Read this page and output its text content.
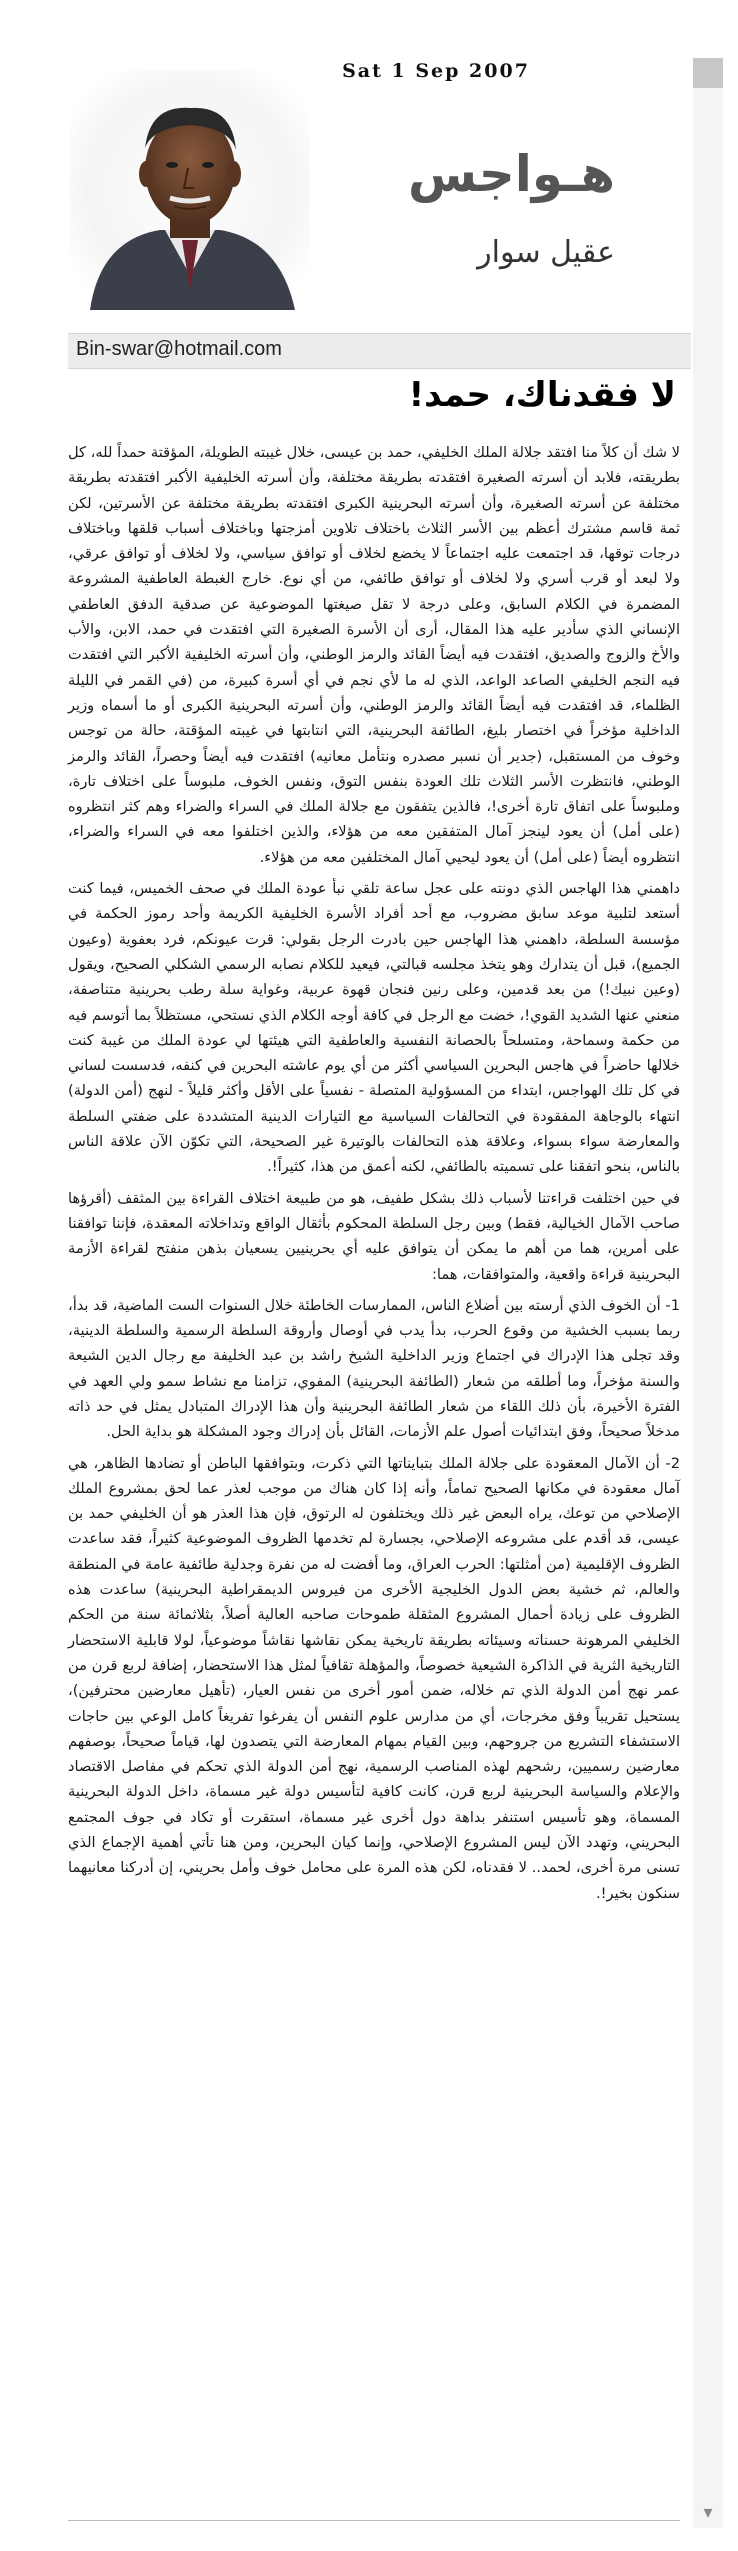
Sat 1 Sep 2007
هـواجس
عقيل سوار
Bin-swar@hotmail.com
▾
لا فقدناك، حمد!

لا شك أن كلاً منا افتقد جلالة الملك الخليفي، حمد بن عيسى، خلال غيبته الطويلة، المؤقتة حمداً لله، كل بطريقته، فلابد أن أسرته الصغيرة افتقدته بطريقة مختلفة، وأن أسرته الخليفية الأكبر افتقدته بطريقة مختلفة عن أسرته الصغيرة، وأن أسرته البحرينية الكبرى افتقدته بطريقة مختلفة عن الأسرتين، لكن ثمة قاسم مشترك أعظم بين الأسر الثلاث باختلاف تلاوين أمزجتها وباختلاف أسباب قلقها وباختلاف درجات توقها، قد اجتمعت عليه اجتماعاً لا يخضع لخلاف أو توافق سياسي، ولا لخلاف أو توافق عرقي، ولا لبعد أو قرب أسري ولا لخلاف أو توافق طائفي، من أي نوع. خارج الغبطة العاطفية المشروعة المضمرة في الكلام السابق، وعلى درجة لا تقل صيغتها الموضوعية عن صدقية الدفق العاطفي الإنساني الذي سأدير عليه هذا المقال، أرى أن الأسرة الصغيرة التي افتقدت في حمد، الابن، والأب والأخ والزوج والصديق، افتقدت فيه أيضاً القائد والرمز الوطني، وأن أسرته الخليفية الأكبر التي افتقدت فيه النجم الخليفي الصاعد الواعد، الذي له ما لأي نجم في أي أسرة كبيرة، من (في القمر في الليلة الظلماء، قد افتقدت فيه أيضاً القائد والرمز الوطني، وأن أسرته البحرينية الكبرى أو ما أسماه وزير الداخلية مؤخراً في اختصار بليغ، الطائفة البحرينية، التي انتابتها في غيبته المؤقتة، حالة من توجس وخوف من المستقبل، (جدير أن نسبر مصدره ونتأمل معانيه) افتقدت فيه أيضاً وحصراً، القائد والرمز الوطني، فانتظرت الأسر الثلاث تلك العودة بنفس التوق، ونفس الخوف، ملبوساً على اختلاف تارة، وملبوساً على اتفاق تارة أخرى!، فالذين يتفقون مع جلالة الملك في السراء والضراء وهم كثر انتظروه (على أمل) أن يعود لينجز آمال المتفقين معه من هؤلاء، والذين اختلفوا معه في السراء والضراء، انتظروه أيضاً (على أمل) أن يعود ليحيي آمال المختلفين معه من هؤلاء.

داهمني هذا الهاجس الذي دونته على عجل ساعة تلقي نبأ عودة الملك في صحف الخميس، فيما كنت أستعد لتلبية موعد سابق مضروب، مع أحد أفراد الأسرة الخليفية الكريمة وأحد رموز الحكمة في مؤسسة السلطة، داهمني هذا الهاجس حين بادرت الرجل بقولي: قرت عيونكم، فرد بعفوية (وعيون الجميع)، قبل أن يتدارك وهو يتخذ مجلسه قبالتي، فيعيد للكلام نصابه الرسمي الشكلي الصحيح، ويقول (وعين نبيك!) من بعد قدمين، وعلى رنين فنجان قهوة عربية، وغواية سلة رطب بحرينية متناصفة، منعني عنها الشديد القوي!، خضت مع الرجل في كافة أوجه الكلام الذي نستحي، مستظلاً بما أتوسم فيه من حكمة وسماحة، ومتسلحاً بالحصانة النفسية والعاطفية التي هيئتها لي عودة الملك من غيبة كنت خلالها حاضراً في هاجس البحرين السياسي أكثر من أي يوم عاشته البحرين في كنفه، فدسست لساني في كل تلك الهواجس، ابتداء من المسؤولية المتصلة - نفسياً على الأقل وأكثر قليلاً - لنهج (أمن الدولة) انتهاء بالوجاهة المفقودة في التحالفات السياسية مع التيارات الدينية المتشددة على ضفتي السلطة والمعارضة سواء بسواء، وعلاقة هذه التحالفات بالوتيرة غير الصحيحة، التي تكوّن الآن علاقة الناس بالناس، بنحو اتفقنا على تسميته بالطائفي، لكنه أعمق من هذا، كثيراً!.

في حين اختلفت قراءتنا لأسباب ذلك بشكل طفيف، هو من طبيعة اختلاف القراءة بين المثقف (أقرؤها صاحب الآمال الخيالية، فقط) وبين رجل السلطة المحكوم بأثقال الواقع وتداخلاته المعقدة، فإننا توافقنا على أمرين، هما من أهم ما يمكن أن يتوافق عليه أي بحرينيين يسعيان بذهن منفتح لقراءة الأزمة البحرينية قراءة واقعية، والمتوافقات، هما:

1- أن الخوف الذي أرسته بين أضلاع الناس، الممارسات الخاطئة خلال السنوات الست الماضية، قد بدأ، ربما بسبب الخشية من وقوع الحرب، بدأ يدب في أوصال وأروقة السلطة الرسمية والسلطة الدينية، وقد تجلى هذا الإدراك في اجتماع وزير الداخلية الشيخ راشد بن عبد الخليفة مع رجال الدين الشيعة والسنة مؤخراً، وما أطلقه من شعار (الطائفة البحرينية) المفوي، تزامنا مع نشاط سمو ولي العهد في الفترة الأخيرة، بأن ذلك اللقاء من شعار الطائفة البحرينية وأن هذا الإدراك المتبادل يمثل في حد ذاته مدخلاً صحيحاً، وفق ابتدائيات أصول علم الأزمات، القائل بأن إدراك وجود المشكلة هو بداية الحل.

2- أن الآمال المعقودة على جلالة الملك بتبايناتها التي ذكرت، وبتوافقها الباطن أو تضادها الظاهر، هي آمال معقودة في مكانها الصحيح تماماً، وأنه إذا كان هناك من موجب لعذر عما لحق بمشروع الملك الإصلاحي من توعك، يراه البعض غير ذلك ويختلفون له الرتوق، فإن هذا العذر هو أن الخليفي حمد بن عيسى، قد أقدم على مشروعه الإصلاحي، بجسارة لم تخدمها الظروف الموضوعية كثيراً، فقد ساعدت الظروف الإقليمية (من أمثلتها: الحرب العراق، وما أفضت له من نفرة وجدلية طائفية عامة في المنطقة والعالم، ثم خشية بعض الدول الخليجية الأخرى من فيروس الديمقراطية البحرينية) ساعدت هذه الظروف على زيادة أحمال المشروع المثقلة طموحات صاحبه العالية أصلاً، بثلاثمائة سنة من الحكم الخليفي المرهونة حسناته وسيئاته بطريقة تاريخية يمكن نقاشها نقاشاً موضوعياً، لولا قابلية الاستحضار التاريخية الثرية في الذاكرة الشيعية خصوصاً، والمؤهلة تقافياً لمثل هذا الاستحضار، إضافة لربع قرن من عمر نهج أمن الدولة الذي تم خلاله، ضمن أمور أخرى من نفس العيار، (تأهيل معارضين محترفين)، يستحيل تقريباً وفق مخرجات، أي من مدارس علوم النفس أن يفرغوا تفريغاً كامل الوعي بين حاجات الاستشفاء التشريع من جروحهم، وبين القيام بمهام المعارضة التي يتصدون لها، قياماً صحيحاً، بوصفهم معارضين رسميين، رشحهم لهذه المناصب الرسمية، نهج أمن الدولة الذي تحكم في مفاصل الاقتصاد والإعلام والسياسة البحرينية لربع قرن، كانت كافية لتأسيس دولة غير مسماة، داخل الدولة البحرينية المسماة، وهو تأسيس استنفر بداهة دول أخرى غير مسماة، استقرت أو تكاد في جوف المجتمع البحريني، وتهدد الآن ليس المشروع الإصلاحي، وإنما كيان البحرين، ومن هنا تأتي أهمية الإجماع الذي تسنى مرة أخرى، لحمد.. لا فقدناه، لكن هذه المرة على محامل خوف وأمل بحريني، إن أدركنا معانيهما سنكون بخير!.
